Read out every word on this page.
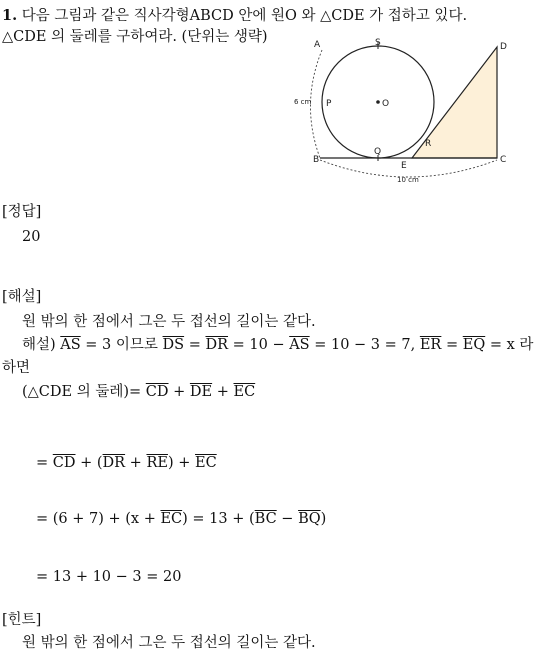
1. 다음 그림과 같은 직사각형ABCD 안에 원O 와 △CDE 가 접하고 있다.
△CDE 의 둘레를 구하여라. (단위는 생략)	A	S	D
P	O
R
Q
B
E
C
6 cm
10 cm
[정답]
20
[해설]
원 밖의 한 점에서 그은 두 접선의 길이는 같다.
해설) $\overline{AS} = 3$ 이므로 $\overline{DS} = \overline{DR} = 10 - \overline{AS} = 10 - 3 = 7$, $\overline{ER} = \overline{EQ} = x$ 라
하면
(△CDE 의 둘레)= $\overline{CD} + \overline{DE} + \overline{EC}$
= $\overline{CD} + (\overline{DR} + \overline{RE}) + \overline{EC}$
= $(6 + 7) + (x + \overline{EC}) = 13 + (\overline{BC} - \overline{BQ})$
= 13 + 10 − 3 = 20
[힌트]
원 밖의 한 점에서 그은 두 접선의 길이는 같다.
